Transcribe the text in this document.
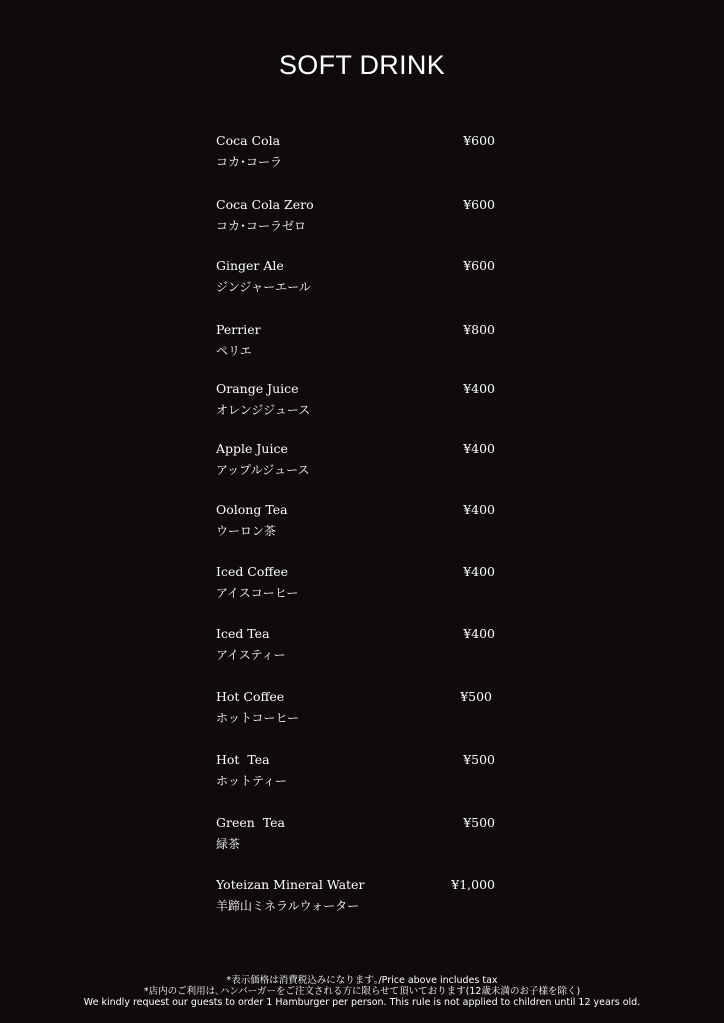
SOFT DRINK
Coca Cola	¥600
コカ･コーラ
Coca Cola Zero	¥600
コカ･コーラゼロ
Ginger Ale	¥600
ジンジャーエール
Perrier	¥800
ペリエ
Orange Juice	¥400
オレンジジュース
Apple Juice	¥400
アップルジュース
Oolong Tea	¥400
ウーロン茶
Iced Coffee	¥400
アイスコーヒー
Iced Tea	¥400
アイスティー
Hot Coffee	¥500
ホットコーヒー
Hot  Tea	¥500
ホットティー
Green  Tea	¥500
緑茶
Yoteizan Mineral Water	¥1,000
羊蹄山ミネラルウォーター
*表示価格は消費税込みになります｡/Price above includes tax
*店内のご利用は､ハンバーガーをご注文される方に限らせて頂いております(12歳未満のお子様を除く)
We kindly request our guests to order 1 Hamburger per person. This rule is not applied to children until 12 years old.
